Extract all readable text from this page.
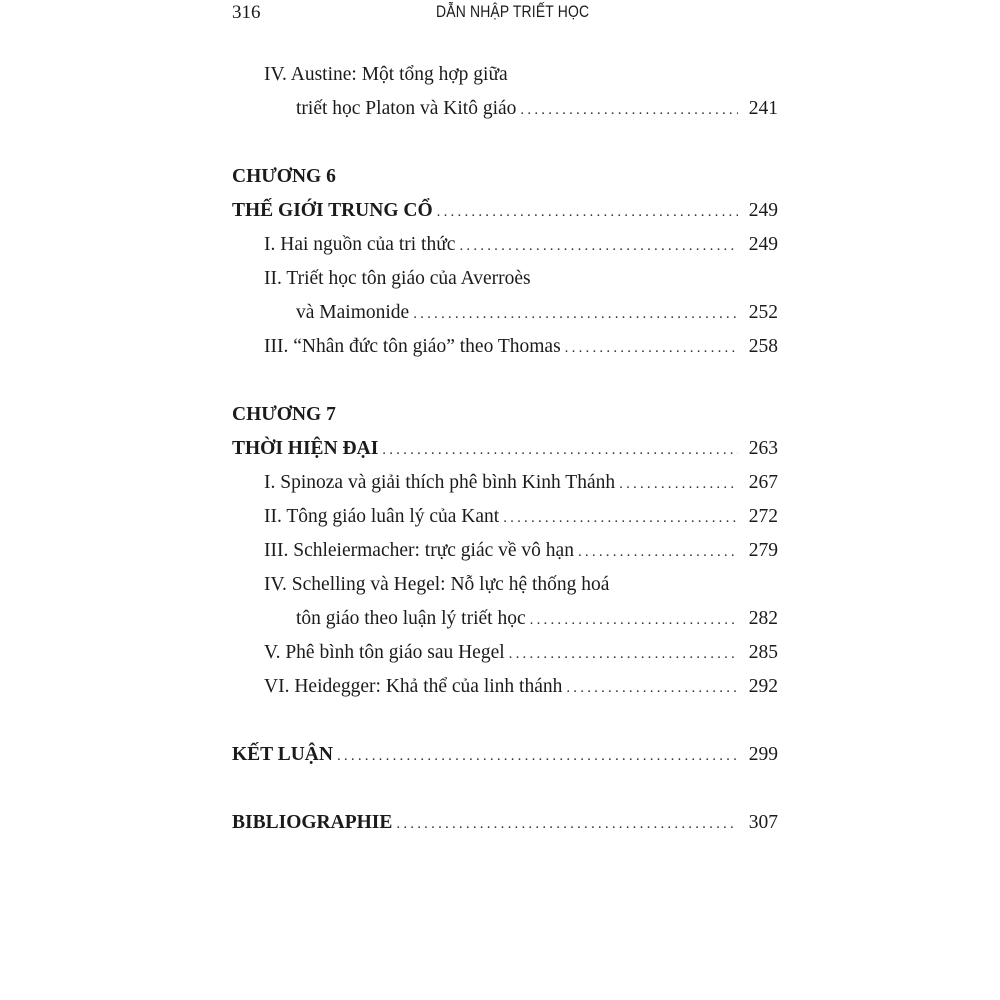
316	DẪN NHẬP TRIẾT HỌC
IV. Austine: Một tổng hợp giữa
triết học Platon và Kitô giáo .....	241
CHƯƠNG 6
THẾ GIỚI TRUNG CỔ .....	249
I. Hai nguồn của tri thức .....	249
II. Triết học tôn giáo của Averroès
và Maimonide .....	252
III. “Nhân đức tôn giáo” theo Thomas .....	258
CHƯƠNG 7
THỜI HIỆN ĐẠI .....	263
I. Spinoza và giải thích phê bình Kinh Thánh .....	267
II. Tông giáo luân lý của Kant .....	272
III. Schleiermacher: trực giác về vô hạn .....	279
IV. Schelling và Hegel: Nỗ lực hệ thống hoá
tôn giáo theo luận lý triết học .....	282
V. Phê bình tôn giáo sau Hegel .....	285
VI. Heidegger: Khả thể của linh thánh .....	292
KẾT LUẬN .....	299
BIBLIOGRAPHIE .....	307
